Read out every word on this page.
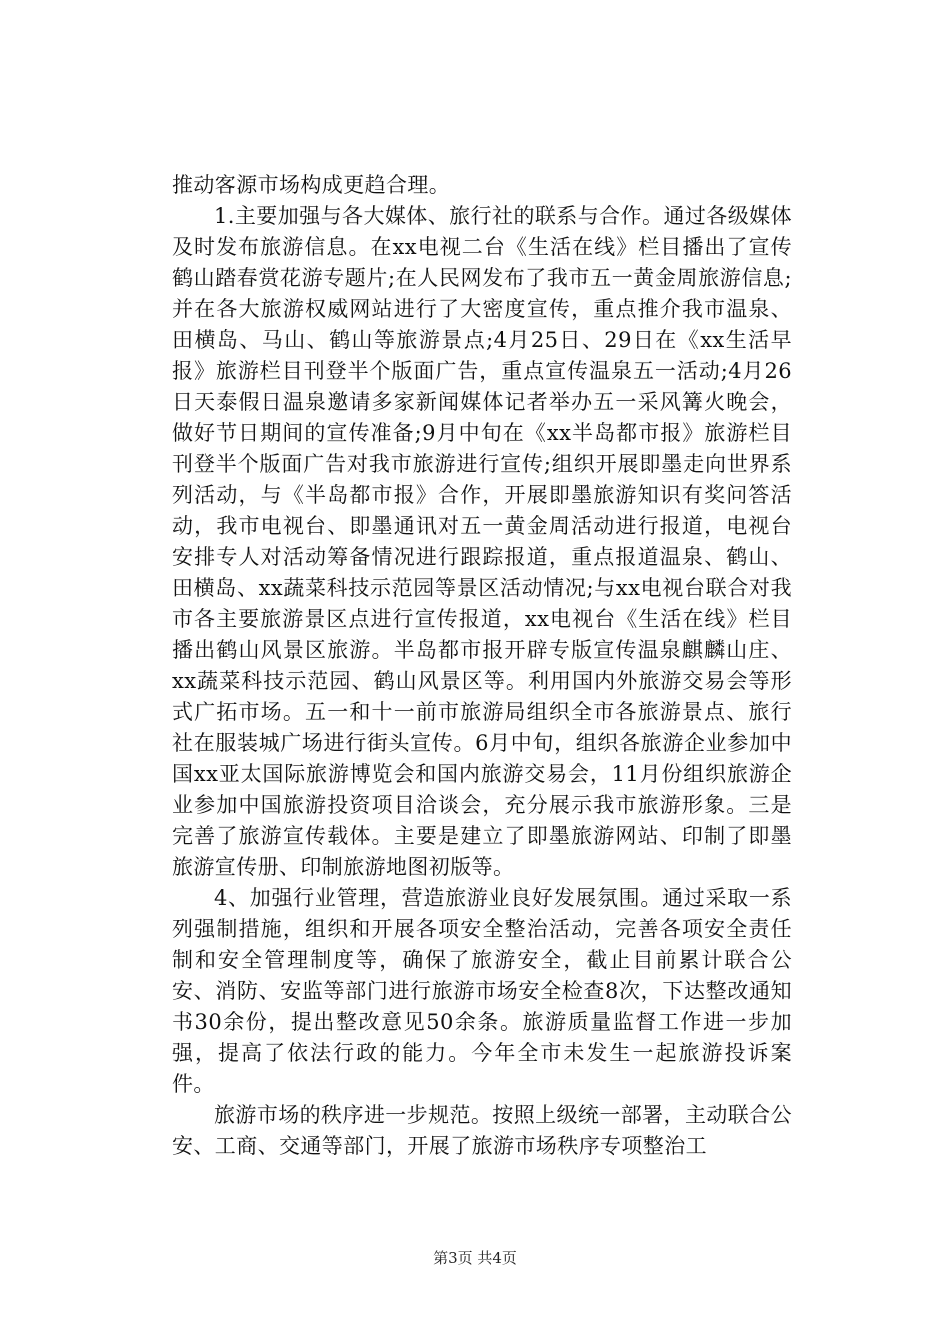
推动客源市场构成更趋合理。

1.主要加强与各大媒体、旅行社的联系与合作。通过各级媒体及时发布旅游信息。在xx电视二台《生活在线》栏目播出了宣传鹤山踏春赏花游专题片;在人民网发布了我市五一黄金周旅游信息;并在各大旅游权威网站进行了大密度宣传，重点推介我市温泉、田横岛、马山、鹤山等旅游景点;4月25日、29日在《xx生活早报》旅游栏目刊登半个版面广告，重点宣传温泉五一活动;4月26日天泰假日温泉邀请多家新闻媒体记者举办五一采风篝火晚会，做好节日期间的宣传准备;9月中旬在《xx半岛都市报》旅游栏目刊登半个版面广告对我市旅游进行宣传;组织开展即墨走向世界系列活动，与《半岛都市报》合作，开展即墨旅游知识有奖问答活动，我市电视台、即墨通讯对五一黄金周活动进行报道，电视台安排专人对活动筹备情况进行跟踪报道，重点报道温泉、鹤山、田横岛、xx蔬菜科技示范园等景区活动情况;与xx电视台联合对我市各主要旅游景区点进行宣传报道，xx电视台《生活在线》栏目播出鹤山风景区旅游。半岛都市报开辟专版宣传温泉麒麟山庄、xx蔬菜科技示范园、鹤山风景区等。利用国内外旅游交易会等形式广拓市场。五一和十一前市旅游局组织全市各旅游景点、旅行社在服装城广场进行街头宣传。6月中旬，组织各旅游企业参加中国xx亚太国际旅游博览会和国内旅游交易会，11月份组织旅游企业参加中国旅游投资项目洽谈会，充分展示我市旅游形象。三是完善了旅游宣传载体。主要是建立了即墨旅游网站、印制了即墨旅游宣传册、印制旅游地图初版等。

4、加强行业管理，营造旅游业良好发展氛围。通过采取一系列强制措施，组织和开展各项安全整治活动，完善各项安全责任制和安全管理制度等，确保了旅游安全，截止目前累计联合公安、消防、安监等部门进行旅游市场安全检查8次，下达整改通知书30余份，提出整改意见50余条。旅游质量监督工作进一步加强，提高了依法行政的能力。今年全市未发生一起旅游投诉案件。

旅游市场的秩序进一步规范。按照上级统一部署，主动联合公安、工商、交通等部门，开展了旅游市场秩序专项整治工

第3页 共4页
